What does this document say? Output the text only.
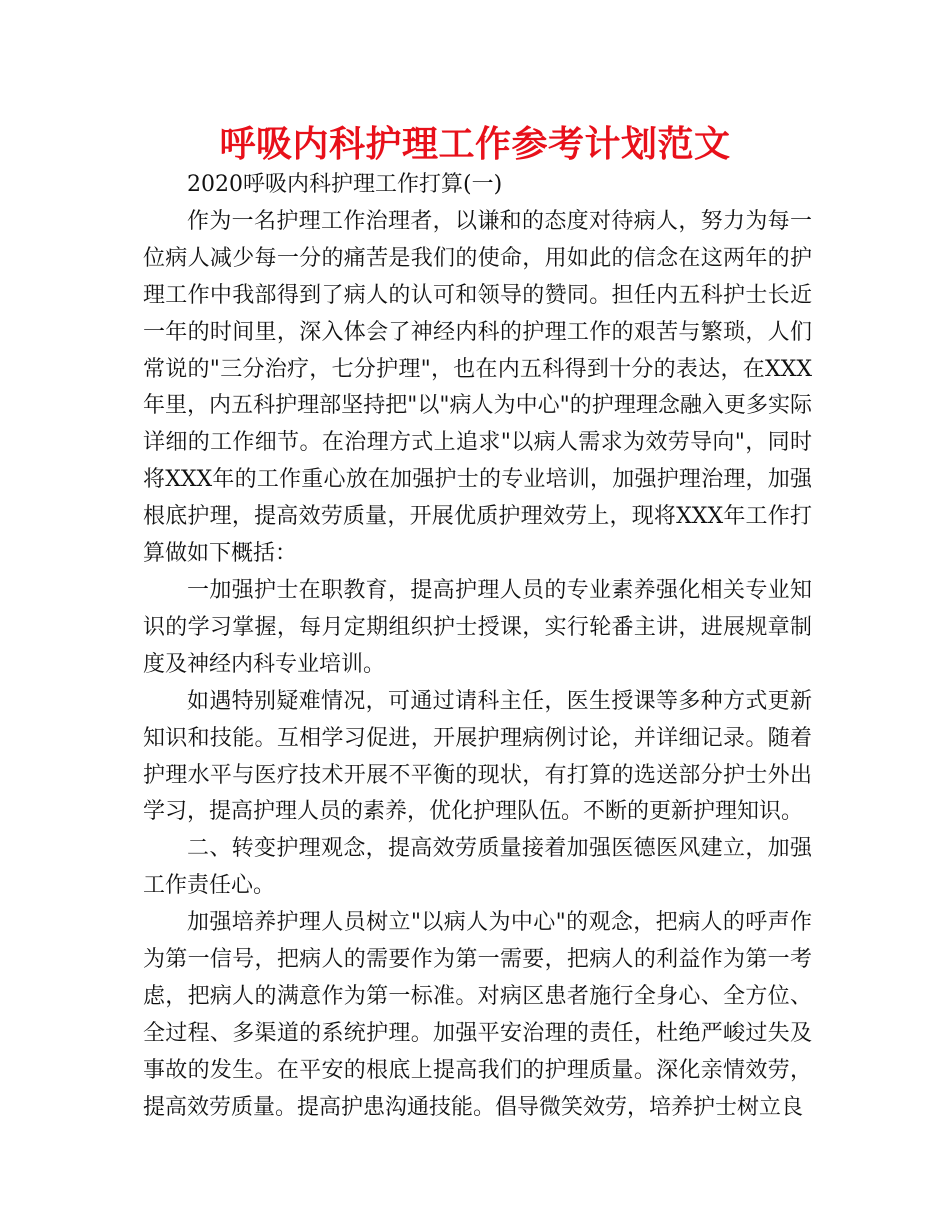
呼吸内科护理工作参考计划范文

2020呼吸内科护理工作打算(一)

作为一名护理工作治理者，以谦和的态度对待病人，努力为每一位病人减少每一分的痛苦是我们的使命，用如此的信念在这两年的护理工作中我部得到了病人的认可和领导的赞同。担任内五科护士长近一年的时间里，深入体会了神经内科的护理工作的艰苦与繁琐，人们常说的"三分治疗，七分护理"，也在内五科得到十分的表达，在XXX年里，内五科护理部坚持把"以"病人为中心"的护理理念融入更多实际详细的工作细节。在治理方式上追求"以病人需求为效劳导向"，同时将XXX年的工作重心放在加强护士的专业培训，加强护理治理，加强根底护理，提高效劳质量，开展优质护理效劳上，现将XXX年工作打算做如下概括：

一加强护士在职教育，提高护理人员的专业素养强化相关专业知识的学习掌握，每月定期组织护士授课，实行轮番主讲，进展规章制度及神经内科专业培训。

如遇特别疑难情况，可通过请科主任，医生授课等多种方式更新知识和技能。互相学习促进，开展护理病例讨论，并详细记录。随着护理水平与医疗技术开展不平衡的现状，有打算的选送部分护士外出学习，提高护理人员的素养，优化护理队伍。不断的更新护理知识。

二、转变护理观念，提高效劳质量接着加强医德医风建立，加强工作责任心。

加强培养护理人员树立"以病人为中心"的观念，把病人的呼声作为第一信号，把病人的需要作为第一需要，把病人的利益作为第一考虑，把病人的满意作为第一标准。对病区患者施行全身心、全方位、全过程、多渠道的系统护理。加强平安治理的责任，杜绝严峻过失及事故的发生。在平安的根底上提高我们的护理质量。深化亲情效劳，提高效劳质量。提高护患沟通技能。倡导微笑效劳，培养护士树立良
